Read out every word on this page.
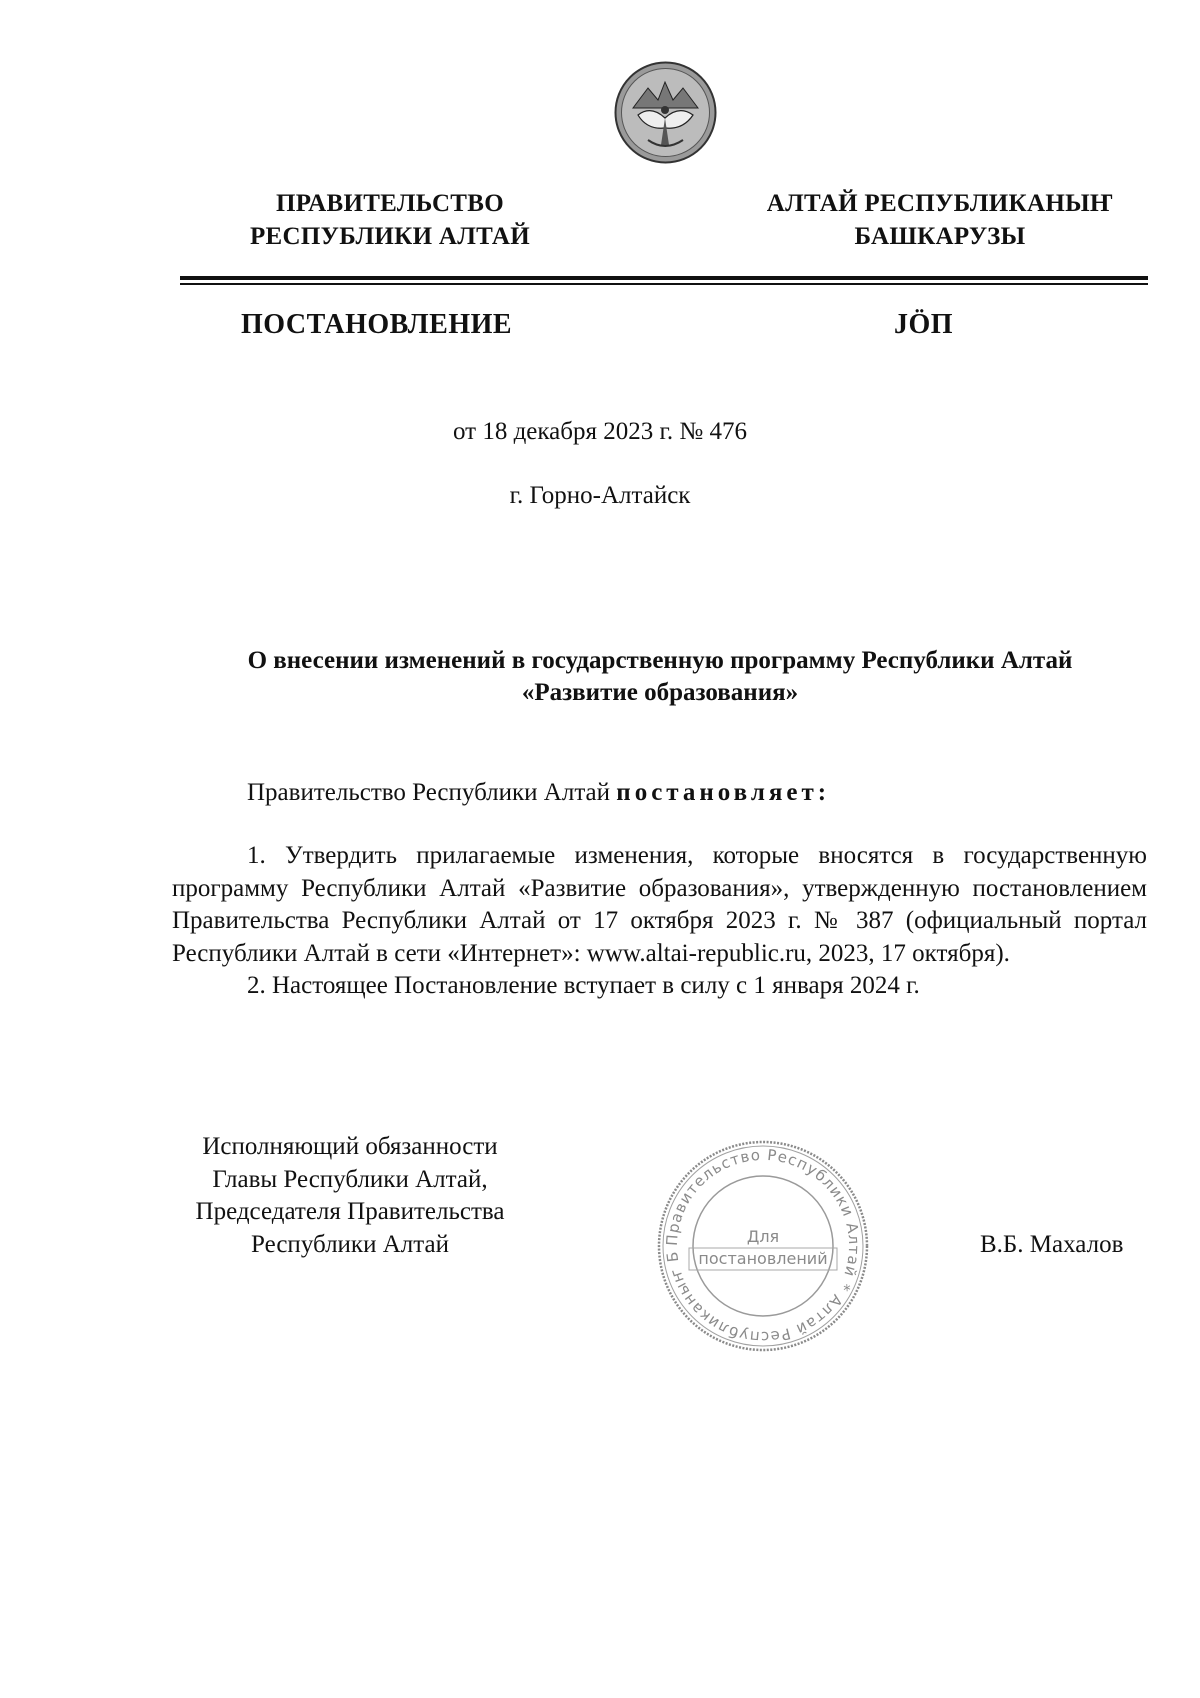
ПРАВИТЕЛЬСТВО
РЕСПУБЛИКИ АЛТАЙ
АЛТАЙ РЕСПУБЛИКАНЫҤ
БАШКАРУЗЫ
ПОСТАНОВЛЕНИЕ	JÖП
от 18 декабря 2023 г. № 476
г. Горно-Алтайск
О внесении изменений в государственную программу Республики Алтай
«Развитие образования»
Правительство Республики Алтай постановляет:
1. Утвердить прилагаемые изменения, которые вносятся в государственную программу Республики Алтай «Развитие образования», утвержденную постановлением Правительства Республики Алтай от 17 октября 2023 г. № 387 (официальный портал Республики Алтай в сети «Интернет»: www.altai-republic.ru, 2023, 17 октября).
2. Настоящее Постановление вступает в силу с 1 января 2024 г.
Исполняющий обязанности
Главы Республики Алтай,
Председателя Правительства
Республики Алтай	Правительство Республики Алтай * Алтай Республиканыҥ Б
Для
постановлений
В.Б. Махалов
